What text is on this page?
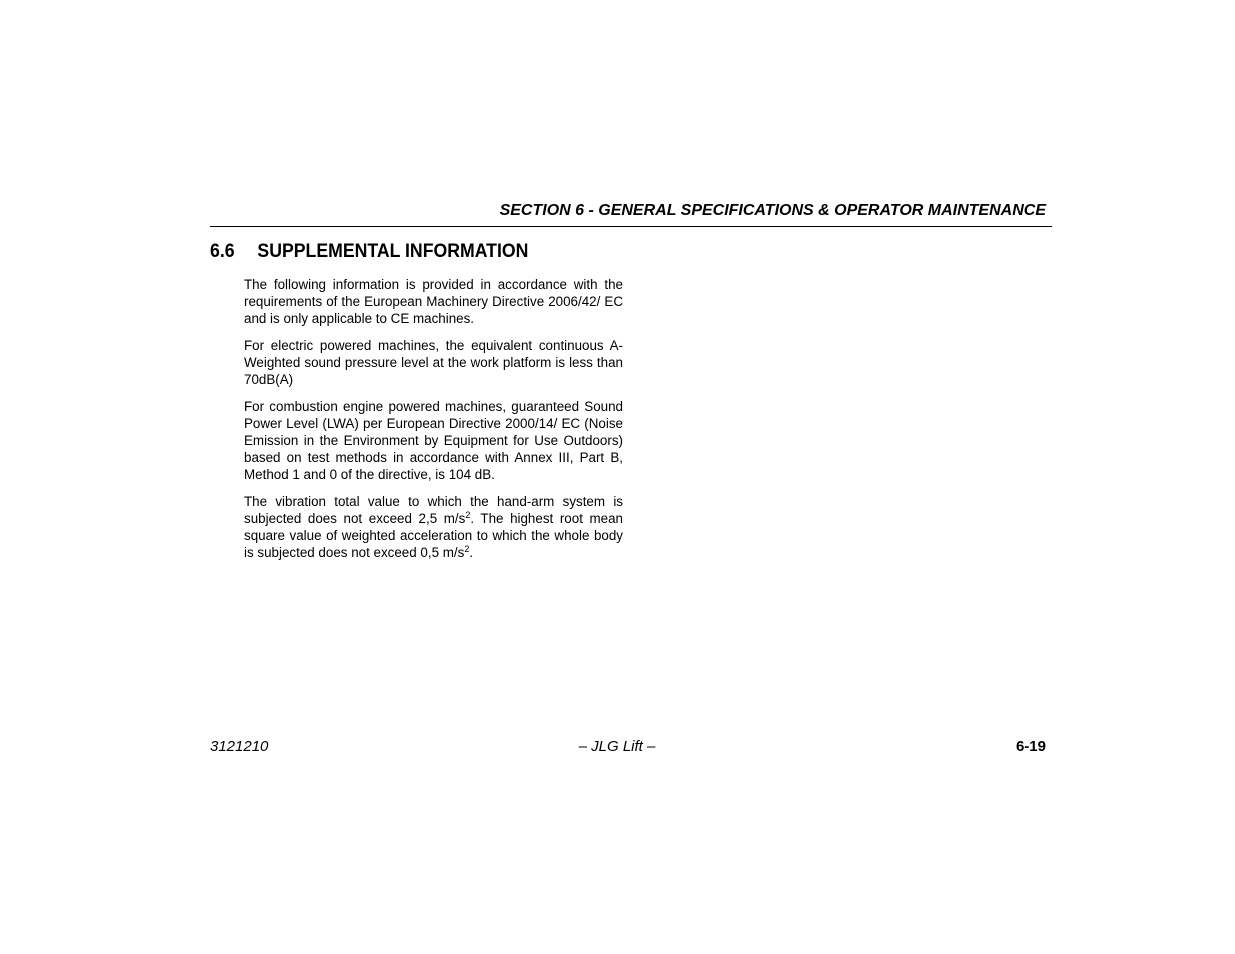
SECTION 6 - GENERAL SPECIFICATIONS & OPERATOR MAINTENANCE
6.6 SUPPLEMENTAL INFORMATION

The following information is provided in accordance with the requirements of the European Machinery Directive 2006/42/ EC and is only applicable to CE machines.

For electric powered machines, the equivalent continuous A-Weighted sound pressure level at the work platform is less than 70dB(A)

For combustion engine powered machines, guaranteed Sound Power Level (LWA) per European Directive 2000/14/ EC (Noise Emission in the Environment by Equipment for Use Outdoors) based on test methods in accordance with Annex III, Part B, Method 1 and 0 of the directive, is 104 dB.

The vibration total value to which the hand-arm system is subjected does not exceed 2,5 $m/s^2$. The highest root mean square value of weighted acceleration to which the whole body is subjected does not exceed 0,5 $m/s^2$.

3121210	– JLG Lift –	6-19
